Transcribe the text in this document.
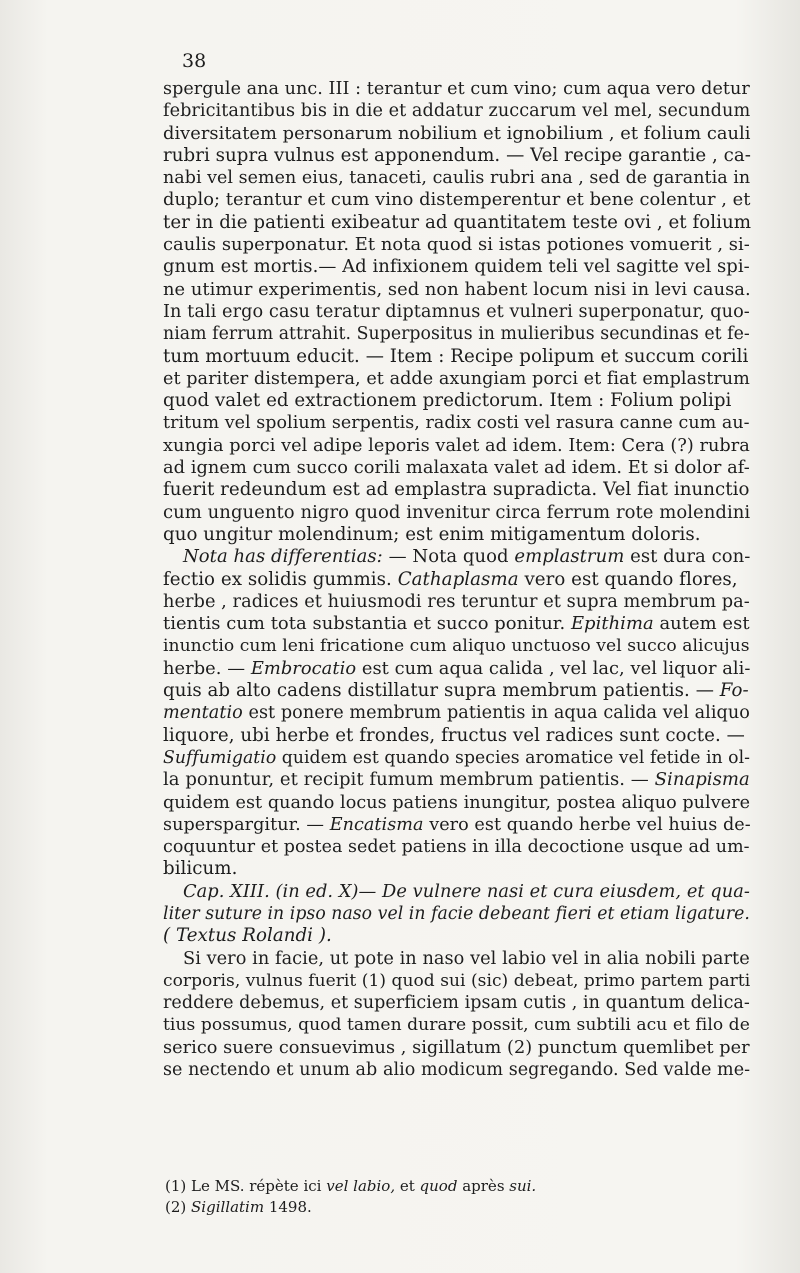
38
spergule ana unc. III : terantur et cum vino; cum aqua vero detur
febricitantibus bis in die et addatur zuccarum vel mel, secundum
diversitatem personarum nobilium et ignobilium , et folium cauli
rubri supra vulnus est apponendum. — Vel recipe garantie , ca-
nabi vel semen eius, tanaceti, caulis rubri ana , sed de garantia in
duplo; terantur et cum vino distemperentur et bene colentur , et
ter in die patienti exibeatur ad quantitatem teste ovi , et folium
caulis superponatur. Et nota quod si istas potiones vomuerit , si-
gnum est mortis.— Ad infixionem quidem teli vel sagitte vel spi-
ne utimur experimentis, sed non habent locum nisi in levi causa.
In tali ergo casu teratur diptamnus et vulneri superponatur, quo-
niam ferrum attrahit. Superpositus in mulieribus secundinas et fe-
tum mortuum educit. — Item : Recipe polipum et succum corili
et pariter distempera, et adde axungiam porci et fiat emplastrum
quod valet ed extractionem predictorum. Item : Folium polipi
tritum vel spolium serpentis, radix costi vel rasura canne cum au-
xungia porci vel adipe leporis valet ad idem. Item: Cera (?) rubra
ad ignem cum succo corili malaxata valet ad idem. Et si dolor af-
fuerit redeundum est ad emplastra supradicta. Vel fiat inunctio
cum unguento nigro quod invenitur circa ferrum rote molendini
quo ungitur molendinum; est enim mitigamentum doloris.
Nota has differentias: — Nota quod emplastrum est dura con-
fectio ex solidis gummis. Cathaplasma vero est quando flores,
herbe , radices et huiusmodi res teruntur et supra membrum pa-
tientis cum tota substantia et succo ponitur. Epithima autem est
inunctio cum leni fricatione cum aliquo unctuoso vel succo alicujus
herbe. — Embrocatio est cum aqua calida , vel lac, vel liquor ali-
quis ab alto cadens distillatur supra membrum patientis. — Fo-
mentatio est ponere membrum patientis in aqua calida vel aliquo
liquore, ubi herbe et frondes, fructus vel radices sunt cocte. —
Suffumigatio quidem est quando species aromatice vel fetide in ol-
la ponuntur, et recipit fumum membrum patientis. — Sinapisma
quidem est quando locus patiens inungitur, postea aliquo pulvere
superspargitur. — Encatisma vero est quando herbe vel huius de-
coquuntur et postea sedet patiens in illa decoctione usque ad um-
bilicum.
Cap. XIII. (in ed. X)— De vulnere nasi et cura eiusdem, et qua-
liter suture in ipso naso vel in facie debeant fieri et etiam ligature.
( Textus Rolandi ).
Si vero in facie, ut pote in naso vel labio vel in alia nobili parte
corporis, vulnus fuerit (1) quod sui (sic) debeat, primo partem parti
reddere debemus, et superficiem ipsam cutis , in quantum delica-
tius possumus, quod tamen durare possit, cum subtili acu et filo de
serico suere consuevimus , sigillatum (2) punctum quemlibet per
se nectendo et unum ab alio modicum segregando. Sed valde me-
(1) Le MS. répète ici vel labio, et quod après sui.
(2) Sigillatim 1498.
